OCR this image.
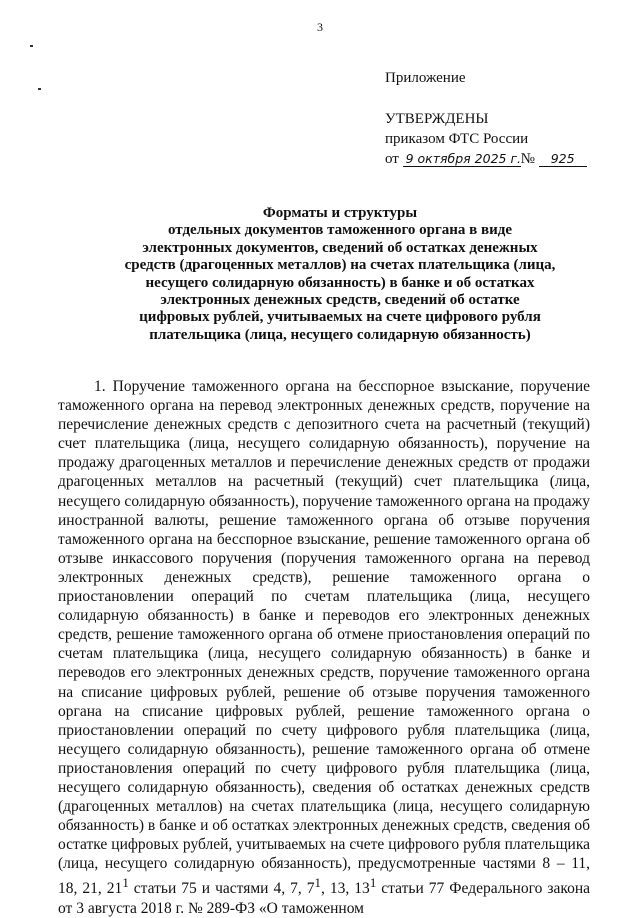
3
Приложение
УТВЕРЖДЕНЫ
приказом ФТС России
от 9 октября 2025 г.№ 925
Форматы и структуры
отдельных документов таможенного органа в виде
электронных документов, сведений об остатках денежных
средств (драгоценных металлов) на счетах плательщика (лица,
несущего солидарную обязанность) в банке и об остатках
электронных денежных средств, сведений об остатке
цифровых рублей, учитываемых на счете цифрового рубля
плательщика (лица, несущего солидарную обязанность)

1. Поручение таможенного органа на бесспорное взыскание, поручение таможенного органа на перевод электронных денежных средств, поручение на перечисление денежных средств с депозитного счета на расчетный (текущий) счет плательщика (лица, несущего солидарную обязанность), поручение на продажу драгоценных металлов и перечисление денежных средств от продажи драгоценных металлов на расчетный (текущий) счет плательщика (лица, несущего солидарную обязанность), поручение таможенного органа на продажу иностранной валюты, решение таможенного органа об отзыве поручения таможенного органа на бесспорное взыскание, решение таможенного органа об отзыве инкассового поручения (поручения таможенного органа на перевод электронных денежных средств), решение таможенного органа о приостановлении операций по счетам плательщика (лица, несущего солидарную обязанность) в банке и переводов его электронных денежных средств, решение таможенного органа об отмене приостановления операций по счетам плательщика (лица, несущего солидарную обязанность) в банке и переводов его электронных денежных средств, поручение таможенного органа на списание цифровых рублей, решение об отзыве поручения таможенного органа на списание цифровых рублей, решение таможенного органа о приостановлении операций по счету цифрового рубля плательщика (лица, несущего солидарную обязанность), решение таможенного органа об отмене приостановления операций по счету цифрового рубля плательщика (лица, несущего солидарную обязанность), сведения об остатках денежных средств (драгоценных металлов) на счетах плательщика (лица, несущего солидарную обязанность) в банке и об остатках электронных денежных средств, сведения об остатке цифровых рублей, учитываемых на счете цифрового рубля плательщика (лица, несущего солидарную обязанность), предусмотренные частями 8 – 11, 18, 21, $21^1$ статьи 75 и частями 4, 7, $7^1$, 13, $13^1$ статьи 77 Федерального закона от 3 августа 2018 г. № 289-ФЗ «О таможенном
